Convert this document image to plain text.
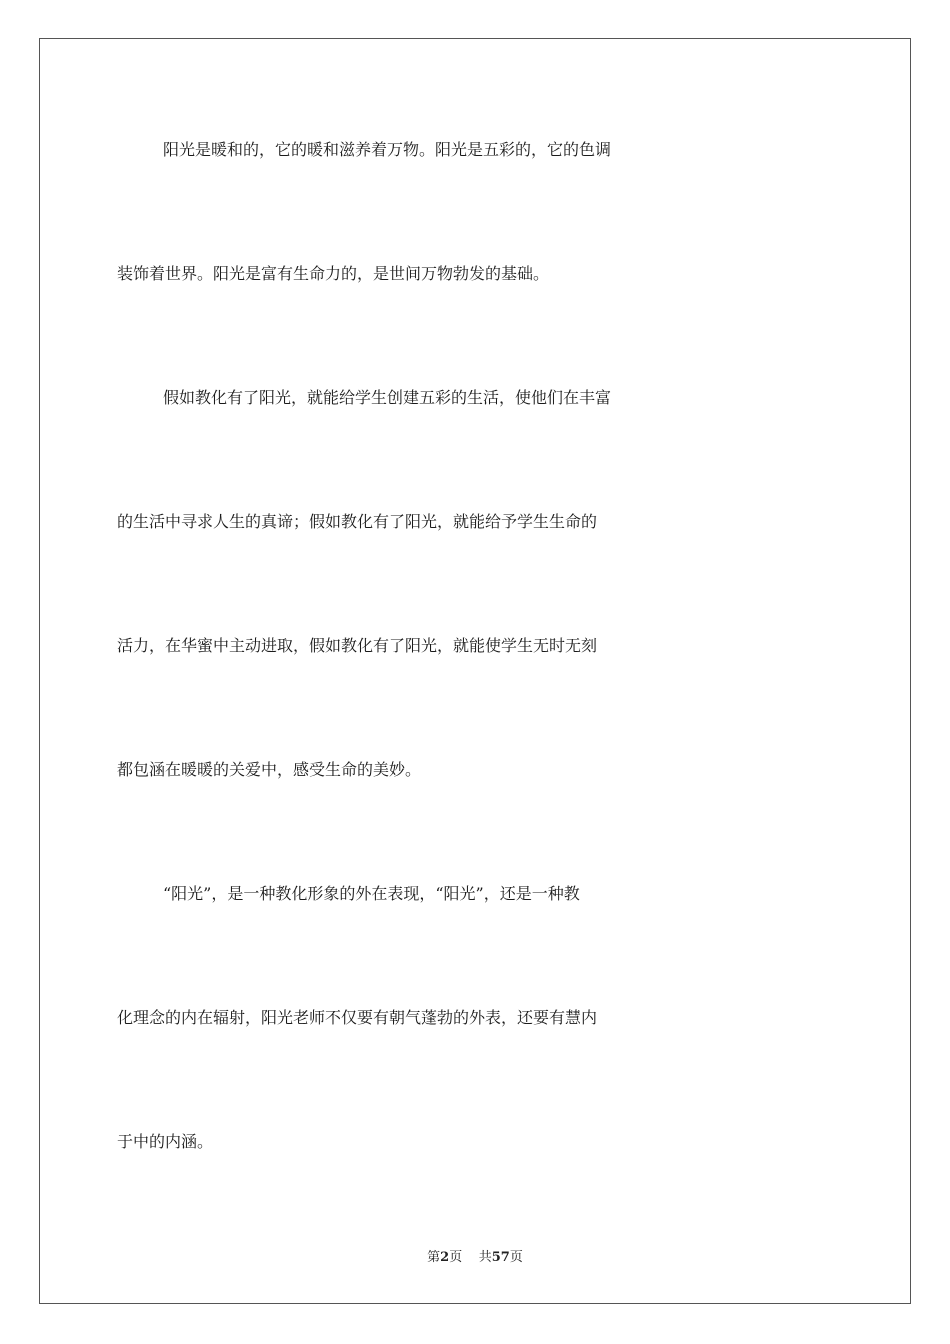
阳光是暖和的，它的暖和滋养着万物。阳光是五彩的，它的色调
装饰着世界。阳光是富有生命力的，是世间万物勃发的基础。
假如教化有了阳光，就能给学生创建五彩的生活，使他们在丰富
的生活中寻求人生的真谛；假如教化有了阳光，就能给予学生生命的
活力，在华蜜中主动进取，假如教化有了阳光，就能使学生无时无刻
都包涵在暖暖的关爱中，感受生命的美妙。
“阳光”，是一种教化形象的外在表现，“阳光”，还是一种教
化理念的内在辐射，阳光老师不仅要有朝气蓬勃的外表，还要有慧内
于中的内涵。
第2页 共57页
